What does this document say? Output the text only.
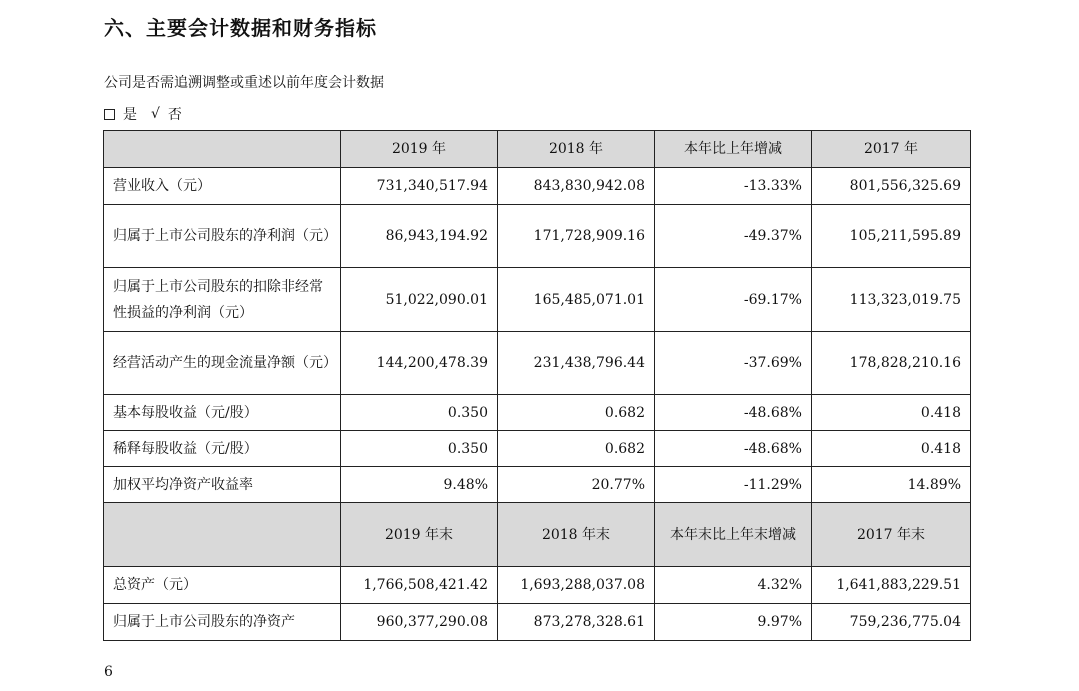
六、主要会计数据和财务指标
公司是否需追溯调整或重述以前年度会计数据
是 √ 否
	2019 年	2018 年	本年比上年增减	2017 年
营业收入（元）	731,340,517.94	843,830,942.08	-13.33%	801,556,325.69
归属于上市公司股东的净利润（元）	86,943,194.92	171,728,909.16	-49.37%	105,211,595.89
归属于上市公司股东的扣除非经常性损益的净利润（元）	51,022,090.01	165,485,071.01	-69.17%	113,323,019.75
经营活动产生的现金流量净额（元）	144,200,478.39	231,438,796.44	-37.69%	178,828,210.16
基本每股收益（元/股）	0.350	0.682	-48.68%	0.418
稀释每股收益（元/股）	0.350	0.682	-48.68%	0.418
加权平均净资产收益率	9.48%	20.77%	-11.29%	14.89%
	2019 年末	2018 年末	本年末比上年末增减	2017 年末
总资产（元）	1,766,508,421.42	1,693,288,037.08	4.32%	1,641,883,229.51
归属于上市公司股东的净资产	960,377,290.08	873,278,328.61	9.97%	759,236,775.04
6
